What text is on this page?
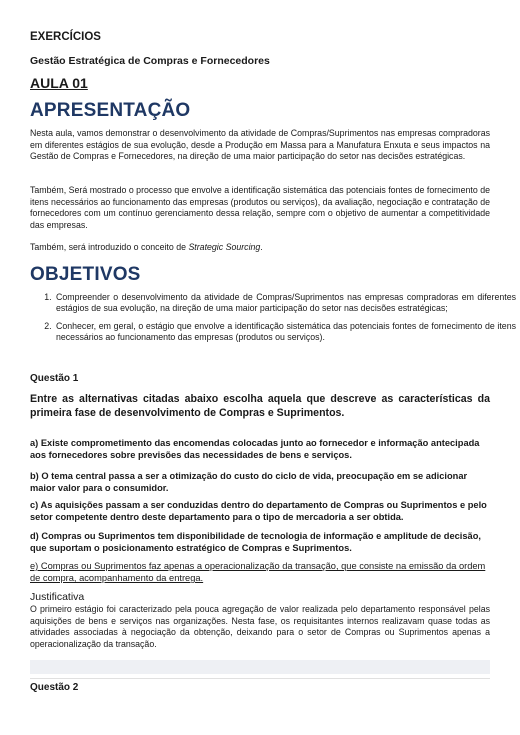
EXERCÍCIOS
Gestão Estratégica de Compras e Fornecedores
AULA 01
APRESENTAÇÃO
Nesta aula, vamos demonstrar o desenvolvimento da atividade de Compras/Suprimentos nas empresas compradoras em diferentes estágios de sua evolução, desde a Produção em Massa para a Manufatura Enxuta e seus impactos na Gestão de Compras e Fornecedores, na direção de uma maior participação do setor nas decisões estratégicas.
Também, Será mostrado o processo que envolve a identificação sistemática das potenciais fontes de fornecimento de itens necessários ao funcionamento das empresas (produtos ou serviços), da avaliação, negociação e contratação de fornecedores com um contínuo gerenciamento dessa relação, sempre com o objetivo de aumentar a competitividade das empresas.
Também, será introduzido o conceito de Strategic Sourcing.
OBJETIVOS
1. Compreender o desenvolvimento da atividade de Compras/Suprimentos nas empresas compradoras em diferentes estágios de sua evolução, na direção de uma maior participação do setor nas decisões estratégicas;
2. Conhecer, em geral, o estágio que envolve a identificação sistemática das potenciais fontes de fornecimento de itens necessários ao funcionamento das empresas (produtos ou serviços).
Questão 1
Entre as alternativas citadas abaixo escolha aquela que descreve as características da primeira fase de desenvolvimento de Compras e Suprimentos.
a) Existe comprometimento das encomendas colocadas junto ao fornecedor e informação antecipada aos fornecedores sobre previsões das necessidades de bens e serviços.
b) O tema central passa a ser a otimização do custo do ciclo de vida, preocupação em se adicionar maior valor para o consumidor.
c) As aquisições passam a ser conduzidas dentro do departamento de Compras ou Suprimentos e pelo setor competente dentro deste departamento para o tipo de mercadoria a ser obtida.
d) Compras ou Suprimentos tem disponibilidade de tecnologia de informação e amplitude de decisão, que suportam o posicionamento estratégico de Compras e Suprimentos.
e) Compras ou Suprimentos faz apenas a operacionalização da transação, que consiste na emissão da ordem de compra, acompanhamento da entrega.
Justificativa
O primeiro estágio foi caracterizado pela pouca agregação de valor realizada pelo departamento responsável pelas aquisições de bens e serviços nas organizações. Nesta fase, os requisitantes internos realizavam quase todas as atividades associadas à negociação da obtenção, deixando para o setor de Compras ou Suprimentos apenas a operacionalização da transação.
Questão 2
